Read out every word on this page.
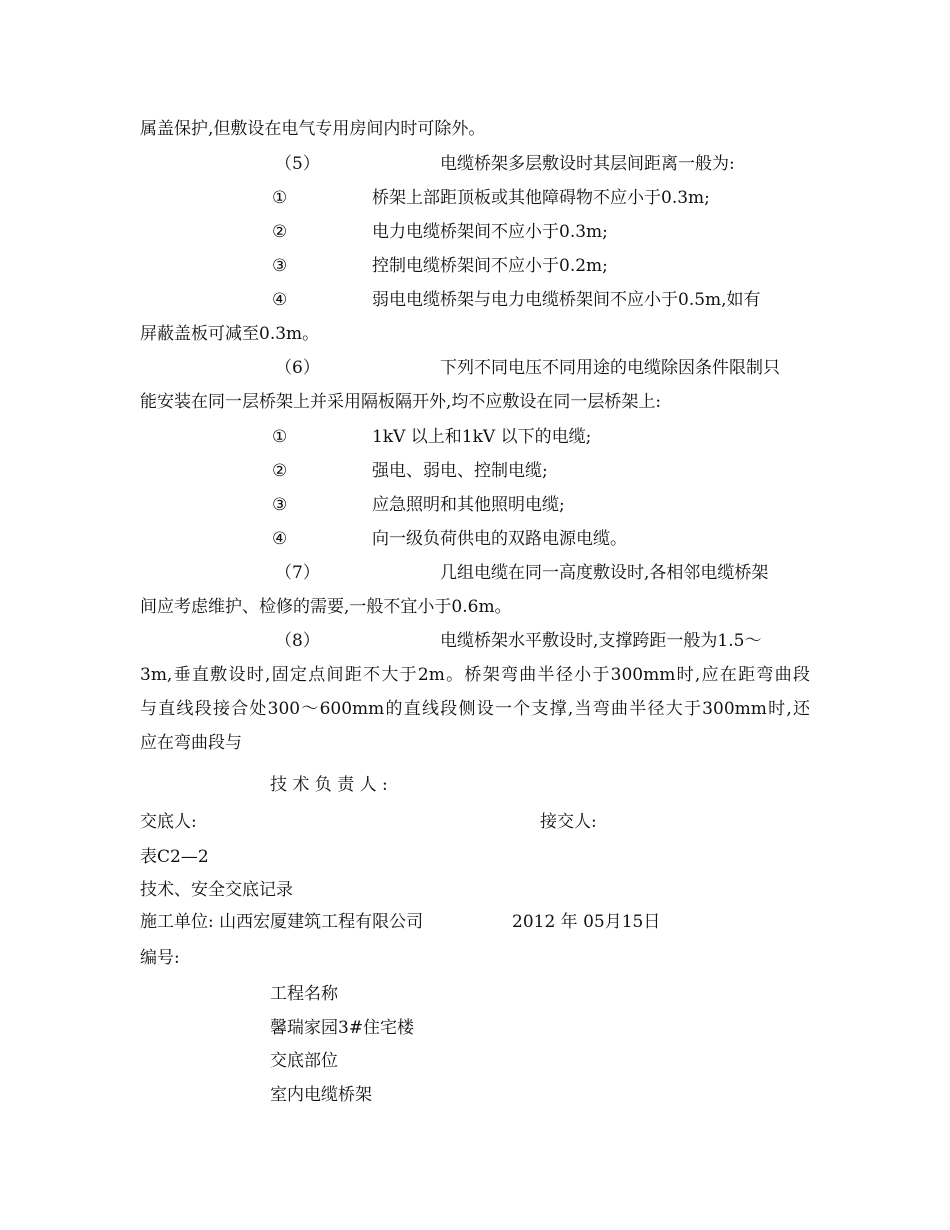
属盖保护,但敷设在电气专用房间内时可除外。
（5）	电缆桥架多层敷设时其层间距离一般为:
①	桥架上部距顶板或其他障碍物不应小于0.3m;
②	电力电缆桥架间不应小于0.3m;
③	控制电缆桥架间不应小于0.2m;
④	弱电电缆桥架与电力电缆桥架间不应小于0.5m,如有
屏蔽盖板可减至0.3m。
（6）	下列不同电压不同用途的电缆除因条件限制只
能安装在同一层桥架上并采用隔板隔开外,均不应敷设在同一层桥架上:
①	1kV 以上和1kV 以下的电缆;
②	强电、弱电、控制电缆;
③	应急照明和其他照明电缆;
④	向一级负荷供电的双路电源电缆。
（7）	几组电缆在同一高度敷设时,各相邻电缆桥架
间应考虑维护、检修的需要,一般不宜小于0.6m。
（8）	电缆桥架水平敷设时,支撑跨距一般为1.5～
3m,垂直敷设时,固定点间距不大于2m。桥架弯曲半径小于300mm时,应在距弯曲段
与直线段接合处300～600mm的直线段侧设一个支撑,当弯曲半径大于300mm时,还
应在弯曲段与
技 术 负 责 人 :
交底人:	接交人:
表C2—2
技术、安全交底记录
施工单位: 山西宏厦建筑工程有限公司	2012 年 05月15日
编号:
工程名称
馨瑞家园3#住宅楼
交底部位
室内电缆桥架
